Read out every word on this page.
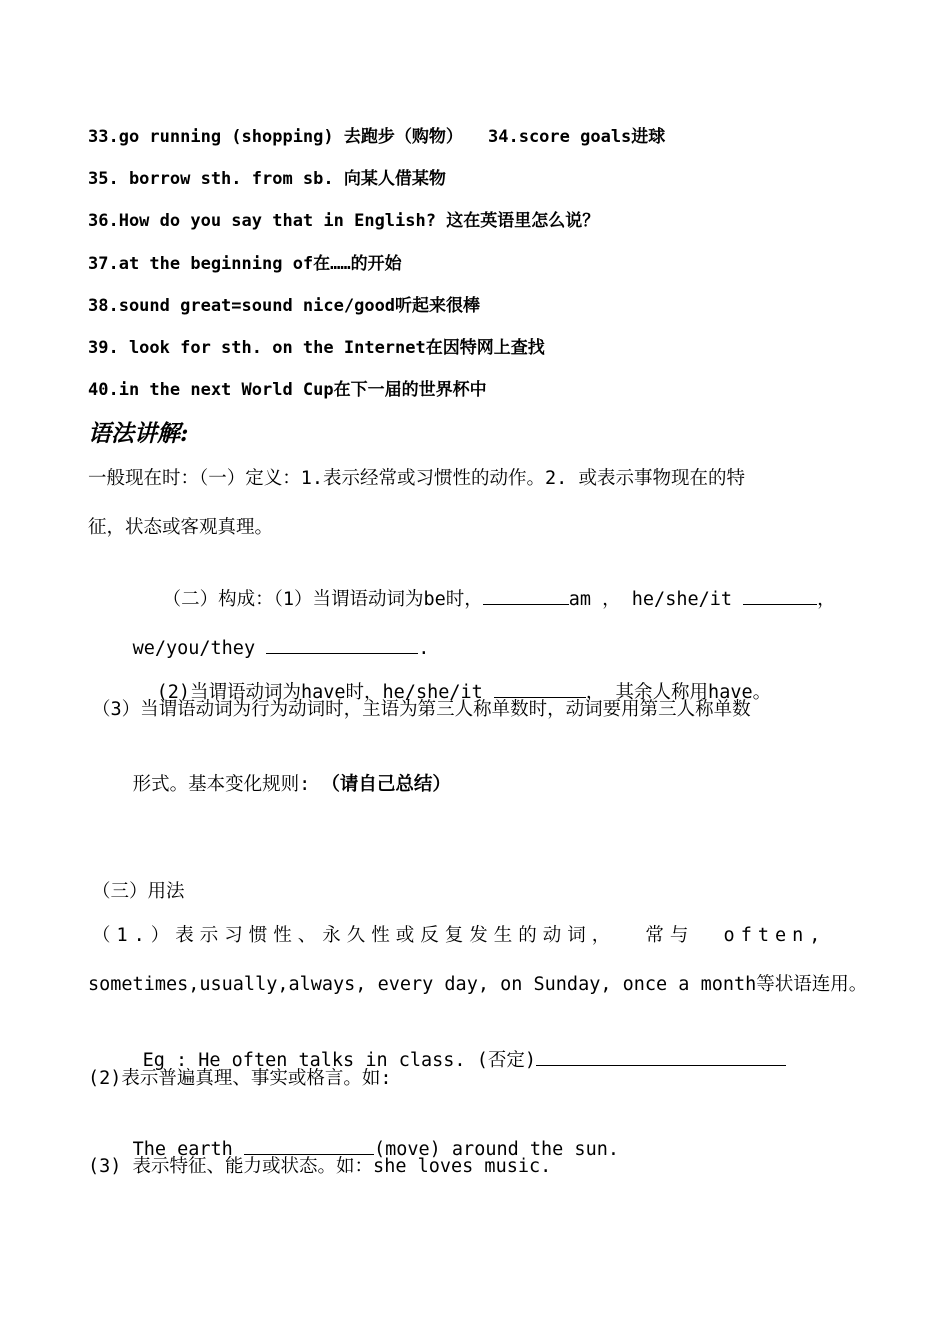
33.go running (shopping) 去跑步（购物） 34.score goals进球
35. borrow sth. from sb. 向某人借某物
36.How do you say that in English? 这在英语里怎么说？
37.at the beginning of在……的开始
38.sound great=sound nice/good听起来很棒
39. look for sth. on the Internet在因特网上查找
40.in the next World Cup在下一届的世界杯中
语法讲解:
一般现在时：（一）定义：1.表示经常或习惯性的动作。2. 或表示事物现在的特
征，状态或客观真理。

（二）构成：（1）当谓语动词为be时，	am ， he/she/it	，

we/you/they	.

(2)当谓语动词为have时，he/she/it	， 其余人称用have。

（3）当谓语动词为行为动词时，主语为第三人称单数时，动词要用第三人称单数

形式。基本变化规则: （请自己总结）

（三）用法
（1.）表示习惯性、永久性或反复发生的动词， 常与 often,
sometimes,usually,always, every day, on Sunday, once a month等状语连用。

Eg : He often talks in class. (否定)

(2)表示普遍真理、事实或格言。如:

The earth	(move) around the sun.

(3) 表示特征、能力或状态。如：she loves music.
